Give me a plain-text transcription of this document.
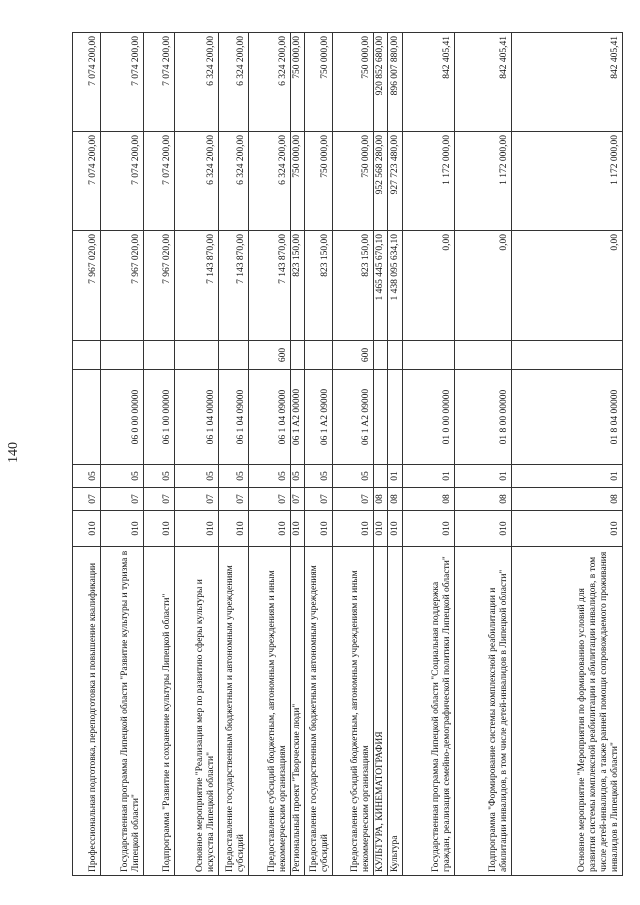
140
Профессиональная подготовка, переподготовка и повышение квалификации	010	07	05			7 967 020,00	7 074 200,00	7 074 200,00
Государственная программа Липецкой области "Развитие культуры и туризма в Липецкой области"	010	07	05	06 0 00 00000		7 967 020,00	7 074 200,00	7 074 200,00
Подпрограмма "Развитие и сохранение культуры Липецкой области"	010	07	05	06 1 00 00000		7 967 020,00	7 074 200,00	7 074 200,00
Основное мероприятие "Реализация мер по развитию сферы культуры и искусства Липецкой области"	010	07	05	06 1 04 00000		7 143 870,00	6 324 200,00	6 324 200,00
Предоставление государственным бюджетным и автономным учреждениям субсидий	010	07	05	06 1 04 09000		7 143 870,00	6 324 200,00	6 324 200,00
Предоставление субсидий бюджетным, автономным учреждениям и иным некоммерческим организациям	010	07	05	06 1 04 09000	600	7 143 870,00	6 324 200,00	6 324 200,00
Региональный проект "Творческие люди"	010	07	05	06 1 A2 00000		823 150,00	750 000,00	750 000,00
Предоставление государственным бюджетным и автономным учреждениям субсидий	010	07	05	06 1 A2 09000		823 150,00	750 000,00	750 000,00
Предоставление субсидий бюджетным, автономным учреждениям и иным некоммерческим организациям	010	07	05	06 1 A2 09000	600	823 150,00	750 000,00	750 000,00
КУЛЬТУРА, КИНЕМАТОГРАФИЯ	010	08				1 465 445 670,10	952 568 280,00	920 852 680,00
Культура	010	08	01			1 438 095 634,10	927 723 480,00	896 007 880,00
Государственная программа Липецкой области "Социальная поддержка граждан, реализация семейно-демографической политики Липецкой области"	010	08	01	01 0 00 00000		0,00	1 172 000,00	842 405,41
Подпрограмма "Формирование системы комплексной реабилитации и абилитации инвалидов, в том числе детей-инвалидов в Липецкой области"	010	08	01	01 8 00 00000		0,00	1 172 000,00	842 405,41
Основное мероприятие "Мероприятия по формированию условий для развития системы комплексной реабилитации и абилитации инвалидов, в том числе детей-инвалидов, а также ранней помощи сопровождаемого проживания инвалидов в Липецкой области"	010	08	01	01 8 04 00000		0,00	1 172 000,00	842 405,41
